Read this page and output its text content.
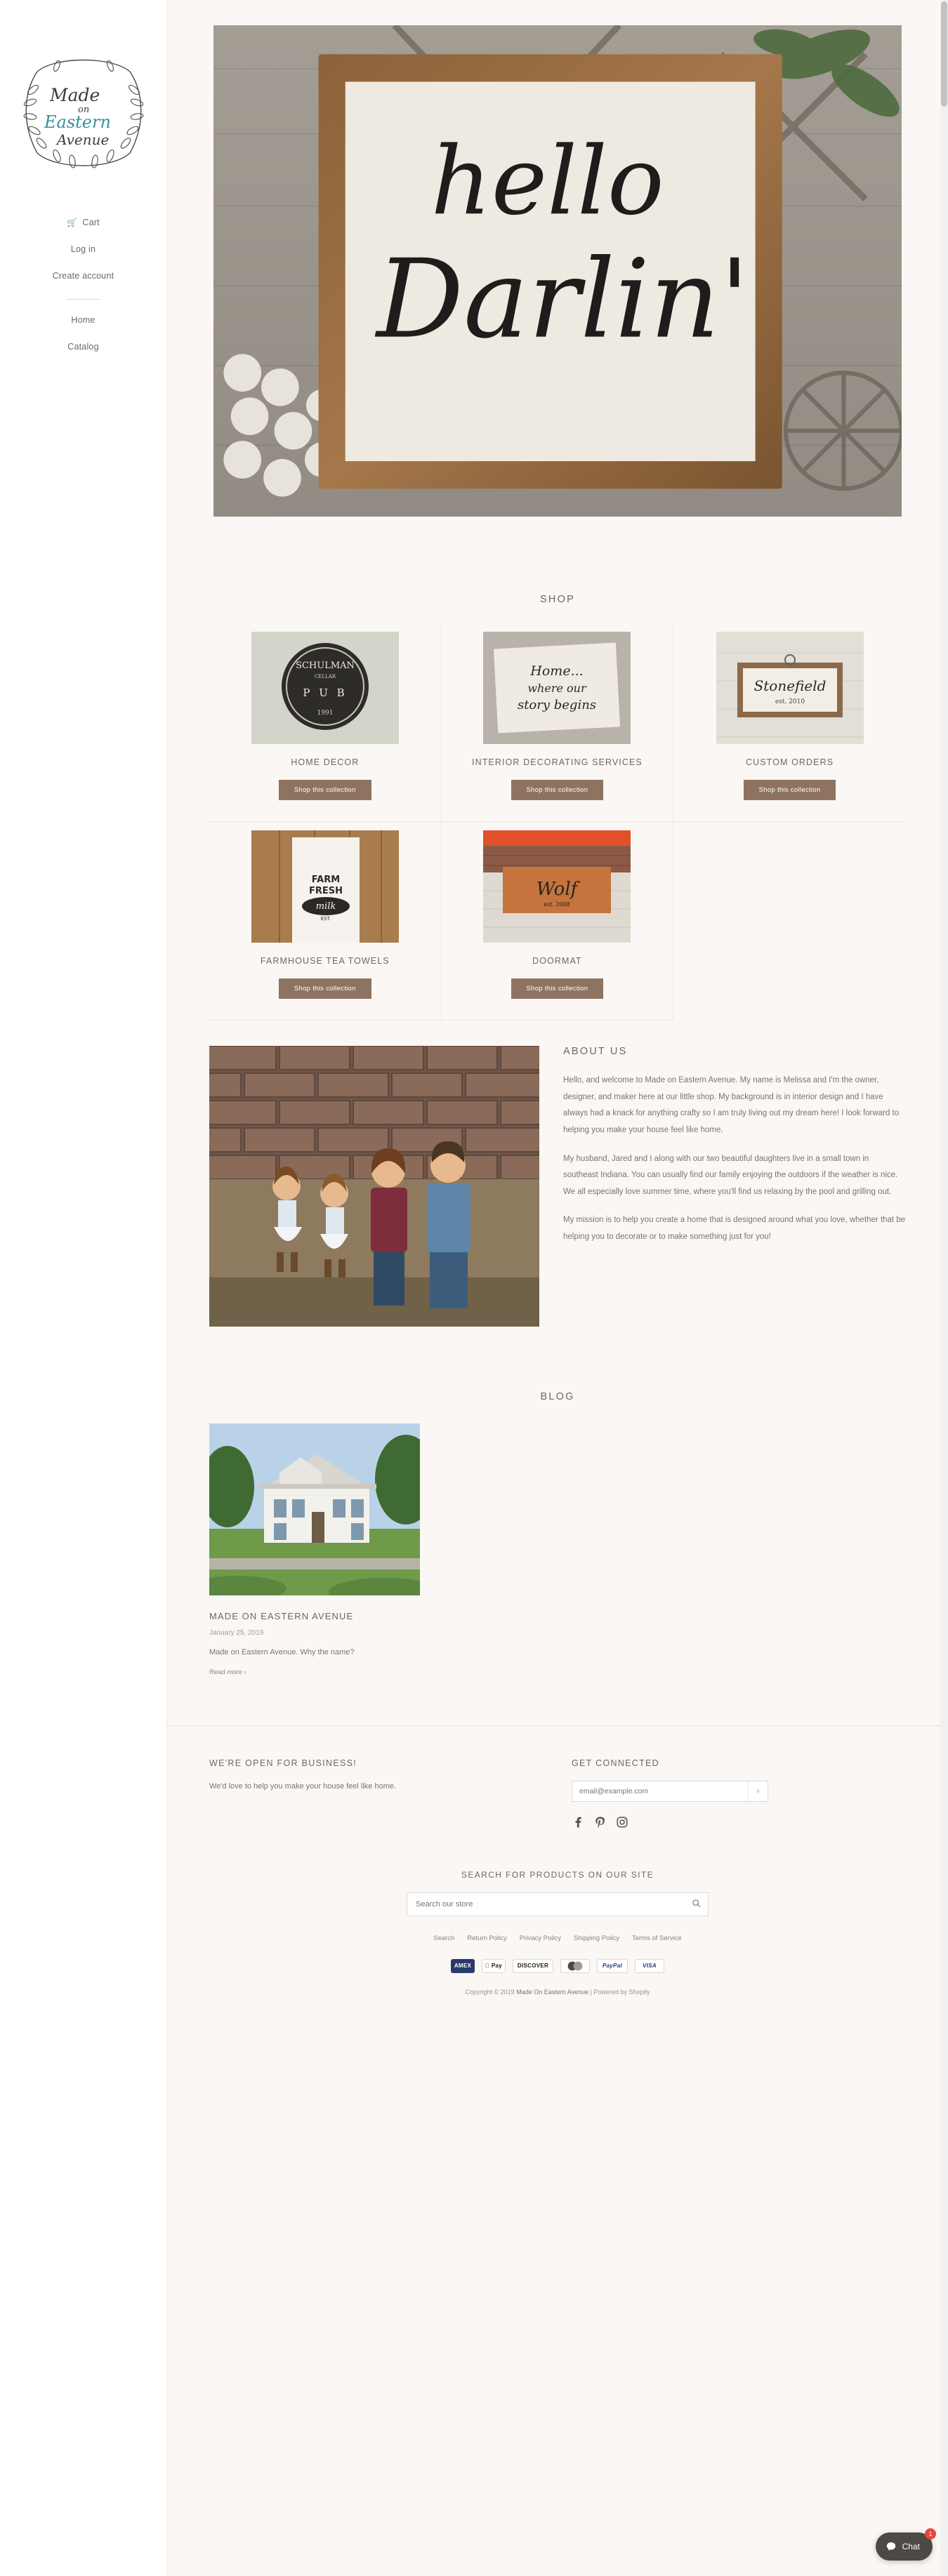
Made
on
Eastern
Avenue
🛒 Cart
Log in
Create account
Home
Catalog
hello
Darlin'
SHOP
SCHULMAN
CELLAR
P U B
1991
HOME DECOR
Shop this collection
Home...
where our
story begins
INTERIOR DECORATING SERVICES
Shop this collection
Stonefield
est. 2010
CUSTOM ORDERS
Shop this collection
FARM
FRESH
milk
EST.
FARMHOUSE TEA TOWELS
Shop this collection
Wolf
est. 2008
DOORMAT
Shop this collection
ABOUT US

Hello, and welcome to Made on Eastern Avenue. My name is Melissa and I'm the owner, designer, and maker here at our little shop. My background is in interior design and I have always had a knack for anything crafty so I am truly living out my dream here! I look forward to helping you make your house feel like home.

My husband, Jared and I along with our two beautiful daughters live in a small town in southeast Indiana. You can usually find our family enjoying the outdoors if the weather is nice. We all especially love summer time, where you'll find us relaxing by the pool and grilling out.

My mission is to help you create a home that is designed around what you love, whether that be helping you to decorate or to make something just for you!

BLOG
MADE ON EASTERN AVENUE
January 25, 2019
Made on Eastern Avenue. Why the name?
Read more ›
WE'RE OPEN FOR BUSINESS!

We'd love to help you make your house feel like home.

GET CONNECTED
email@example.com
›
SEARCH FOR PRODUCTS ON OUR SITE
Search our store
Search Return Policy Privacy Policy Shipping Policy Terms of Service
AMEX	Pay	DISCOVER	PayPal	VISA
Copyright © 2019 Made On Eastern Avenue | Powered by Shopify
Chat
1
